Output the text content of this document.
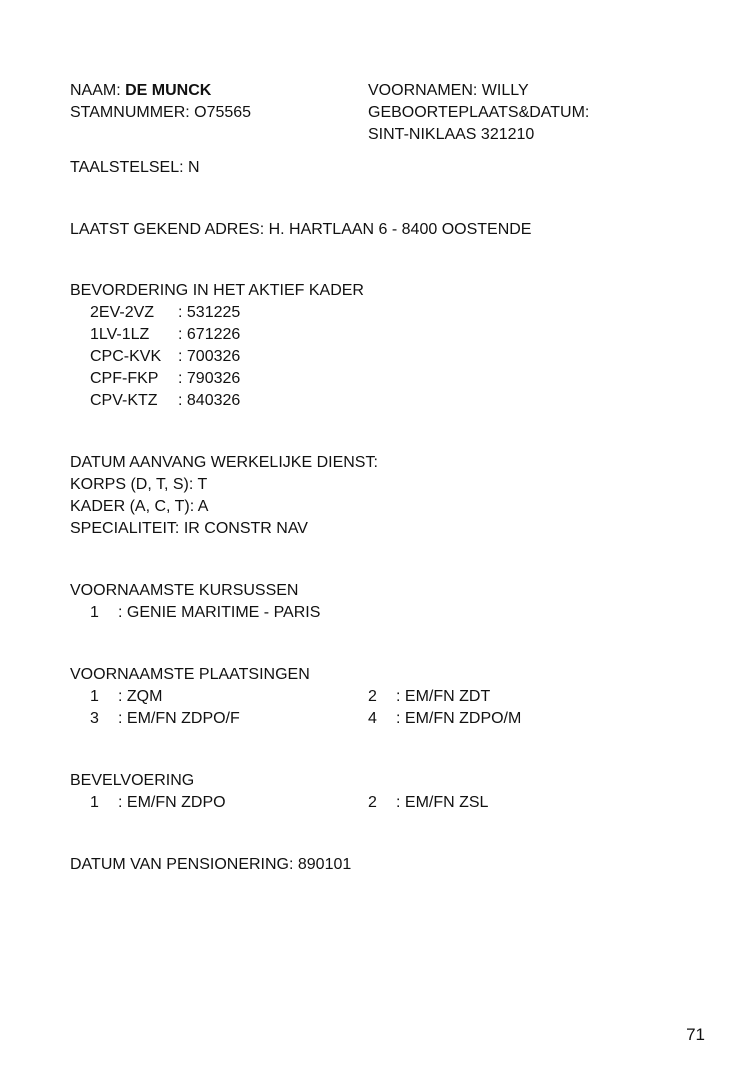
NAAM: DE MUNCK
STAMNUMMER: O75565
VOORNAMEN: WILLY
GEBOORTEPLAATS&DATUM:
SINT-NIKLAAS 321210
TAALSTELSEL: N
LAATST GEKEND ADRES: H. HARTLAAN 6 - 8400 OOSTENDE
BEVORDERING IN HET AKTIEF KADER
2EV-2VZ : 531225
1LV-1LZ : 671226
CPC-KVK : 700326
CPF-FKP : 790326
CPV-KTZ : 840326
DATUM AANVANG WERKELIJKE DIENST:
KORPS (D, T, S): T
KADER (A, C, T): A
SPECIALITEIT: IR CONSTR NAV
VOORNAAMSTE KURSUSSEN
1 : GENIE MARITIME - PARIS
VOORNAAMSTE PLAATSINGEN
1 : ZQM	2 : EM/FN ZDT
3 : EM/FN ZDPO/F	4 : EM/FN ZDPO/M
BEVELVOERING
1 : EM/FN ZDPO	2 : EM/FN ZSL
DATUM VAN PENSIONERING: 890101
71
